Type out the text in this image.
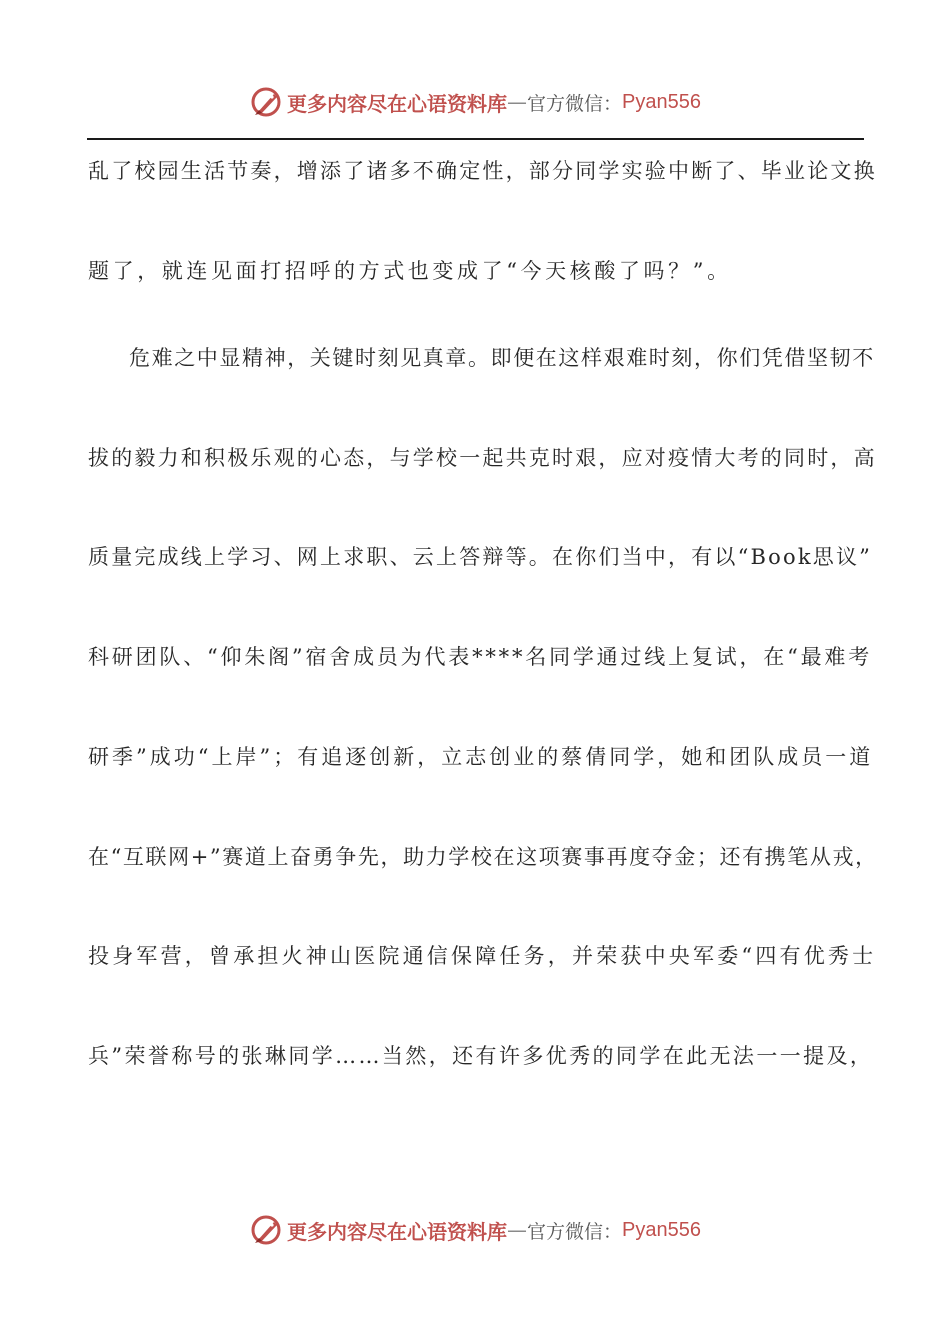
更多内容尽在心语资料库 — 官方微信： Pyan556
乱了校园生活节奏，增添了诸多不确定性，部分同学实验中断了、毕业论文换
题了，就连见面打招呼的方式也变成了“今天核酸了吗？”。
危难之中显精神，关键时刻见真章。即便在这样艰难时刻，你们凭借坚韧不
拔的毅力和积极乐观的心态，与学校一起共克时艰，应对疫情大考的同时，高
质量完成线上学习、网上求职、云上答辩等。在你们当中，有以“Book思议”
科研团队、“仰朱阁”宿舍成员为代表****名同学通过线上复试，在“最难考
研季”成功“上岸”；有追逐创新，立志创业的蔡倩同学，她和团队成员一道
在“互联网+”赛道上奋勇争先，助力学校在这项赛事再度夺金；还有携笔从戎，
投身军营，曾承担火神山医院通信保障任务，并荣获中央军委“四有优秀士
兵”荣誉称号的张琳同学……当然，还有许多优秀的同学在此无法一一提及，
更多内容尽在心语资料库 — 官方微信： Pyan556
